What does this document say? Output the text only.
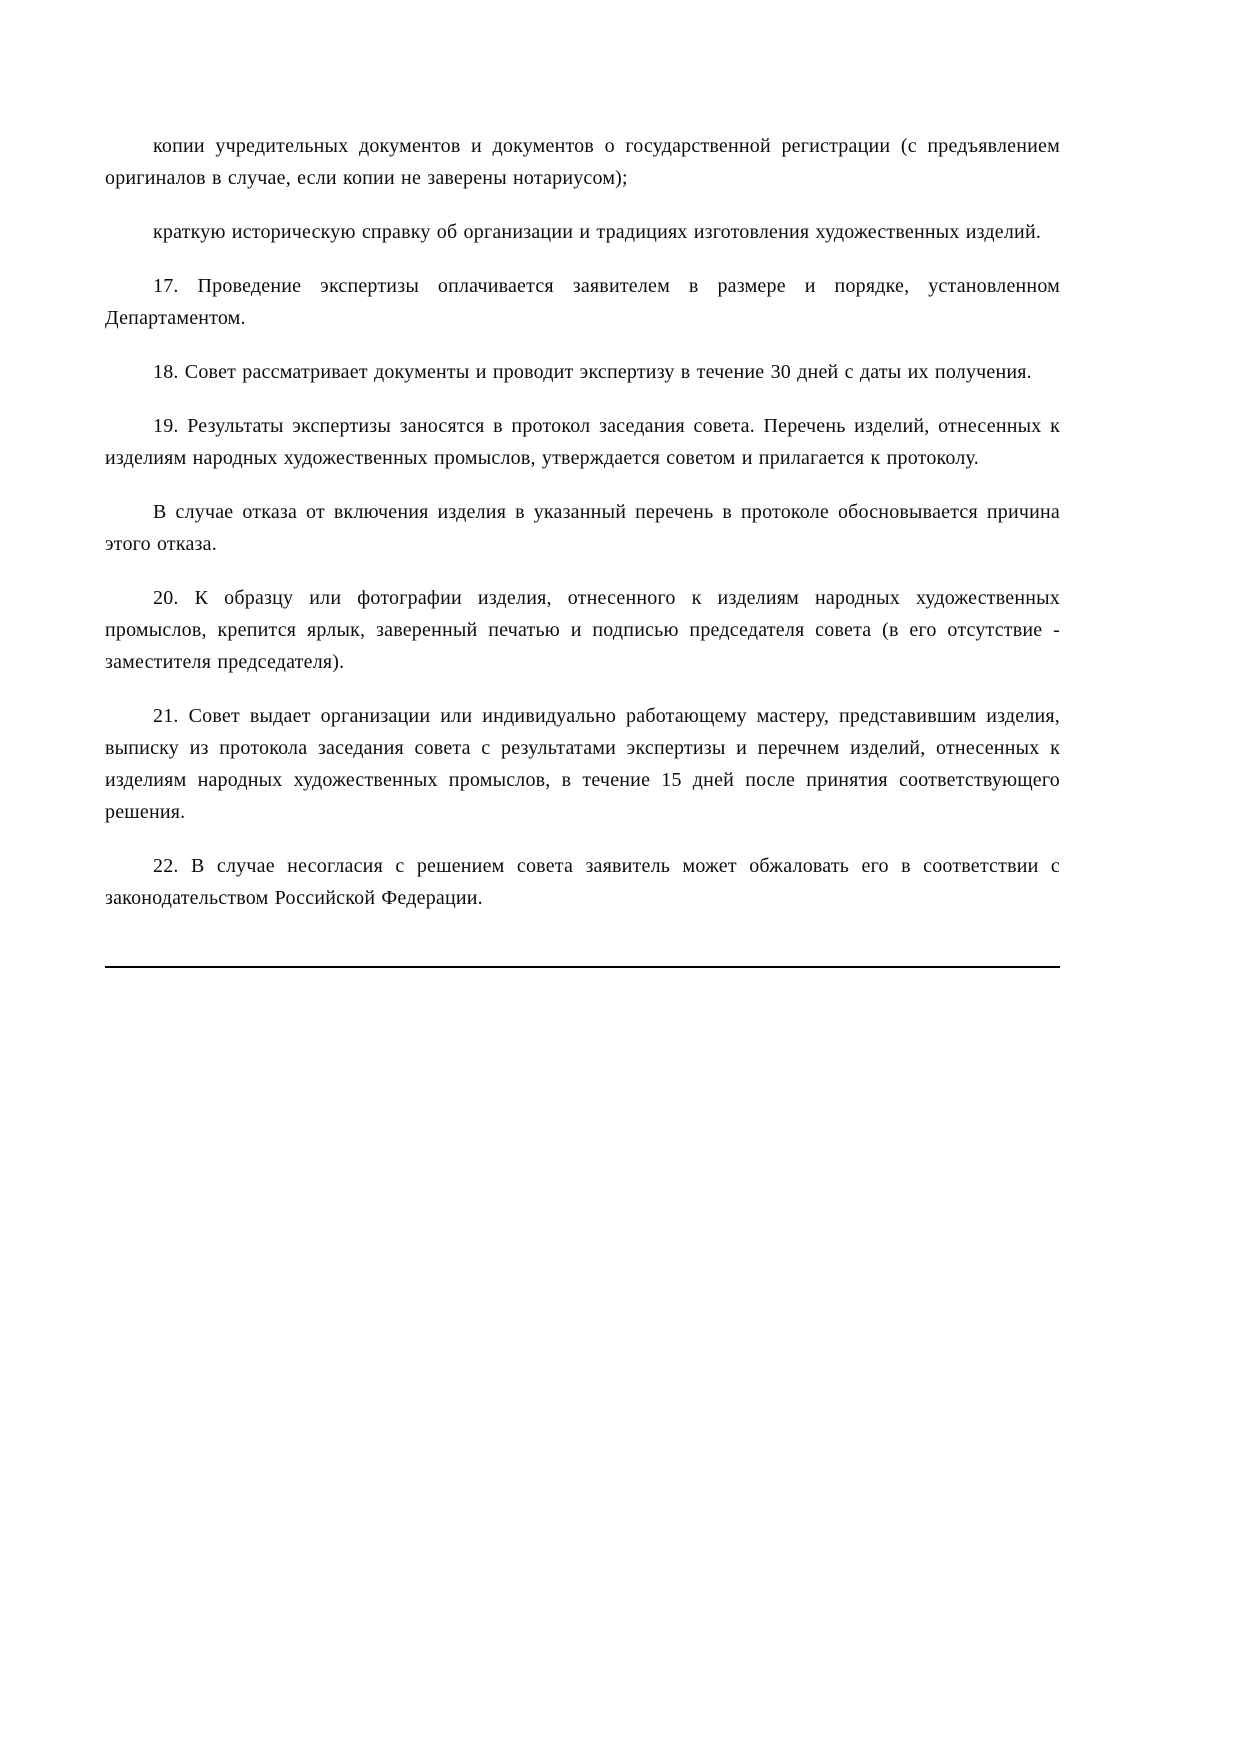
копии учредительных документов и документов о государственной регистрации (с предъявлением оригиналов в случае, если копии не заверены нотариусом);

краткую историческую справку об организации и традициях изготовления художественных изделий.

17. Проведение экспертизы оплачивается заявителем в размере и порядке, установленном Департаментом.

18. Совет рассматривает документы и проводит экспертизу в течение 30 дней с даты их получения.

19. Результаты экспертизы заносятся в протокол заседания совета. Перечень изделий, отнесенных к изделиям народных художественных промыслов, утверждается советом и прилагается к протоколу.

В случае отказа от включения изделия в указанный перечень в протоколе обосновывается причина этого отказа.

20. К образцу или фотографии изделия, отнесенного к изделиям народных художественных промыслов, крепится ярлык, заверенный печатью и подписью председателя совета (в его отсутствие - заместителя председателя).

21. Совет выдает организации или индивидуально работающему мастеру, представившим изделия, выписку из протокола заседания совета с результатами экспертизы и перечнем изделий, отнесенных к изделиям народных художественных промыслов, в течение 15 дней после принятия соответствующего решения.

22. В случае несогласия с решением совета заявитель может обжаловать его в соответствии с законодательством Российской Федерации.
